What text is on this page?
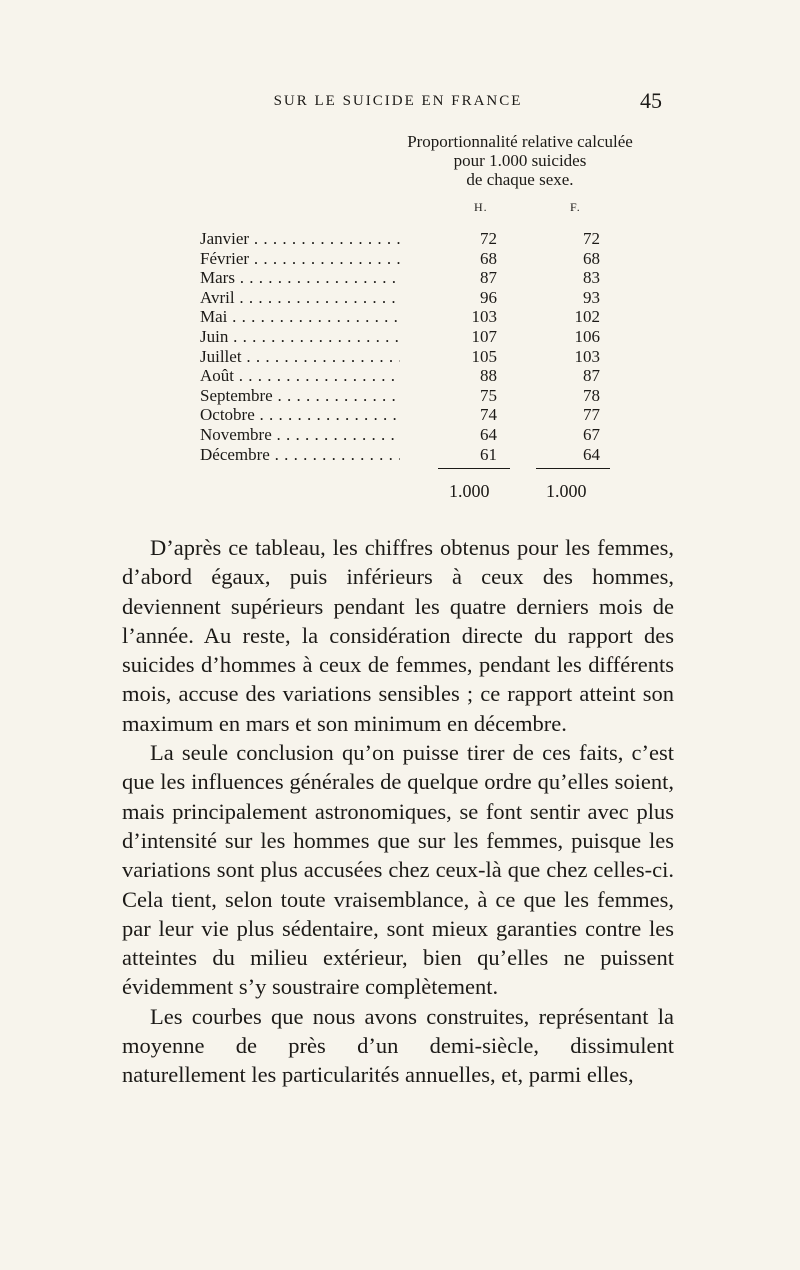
SUR LE SUICIDE EN FRANCE	45
Proportionnalité relative calculée
pour 1.000 suicides
de chaque sexe.
H.	F.
Janvier . . .	72	72
Février . . .	68	68
Mars . . .	87	83
Avril . . .	96	93
Mai . . .	103	102
Juin . . .	107	106
Juillet . . .	105	103
Août . . .	88	87
Septembre . . .	75	78
Octobre . . .	74	77
Novembre . . .	64	67
Décembre . . .	61	64
1.000	1.000

D’après ce tableau, les chiffres obtenus pour les femmes, d’abord égaux, puis inférieurs à ceux des hommes, deviennent supérieurs pendant les quatre derniers mois de l’année. Au reste, la considération directe du rapport des suicides d’hommes à ceux de femmes, pendant les différents mois, accuse des variations sensibles ; ce rapport atteint son maximum en mars et son minimum en décembre.

La seule conclusion qu’on puisse tirer de ces faits, c’est que les influences générales de quelque ordre qu’elles soient, mais principalement astronomiques, se font sentir avec plus d’intensité sur les hommes que sur les femmes, puisque les variations sont plus accusées chez ceux-là que chez celles-ci. Cela tient, selon toute vraisemblance, à ce que les femmes, par leur vie plus sédentaire, sont mieux garanties contre les atteintes du milieu extérieur, bien qu’elles ne puissent évidemment s’y soustraire complètement.

Les courbes que nous avons construites, représentant la moyenne de près d’un demi-siècle, dissimulent naturellement les particularités annuelles, et, parmi elles,
